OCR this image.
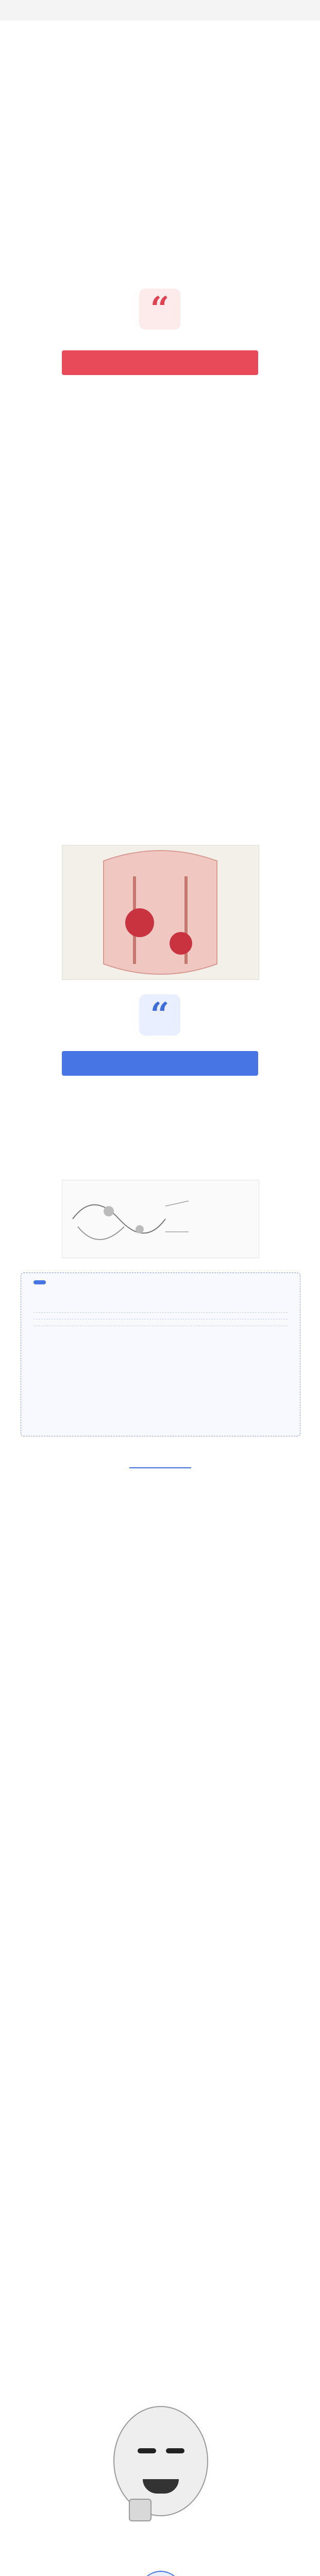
“

“
